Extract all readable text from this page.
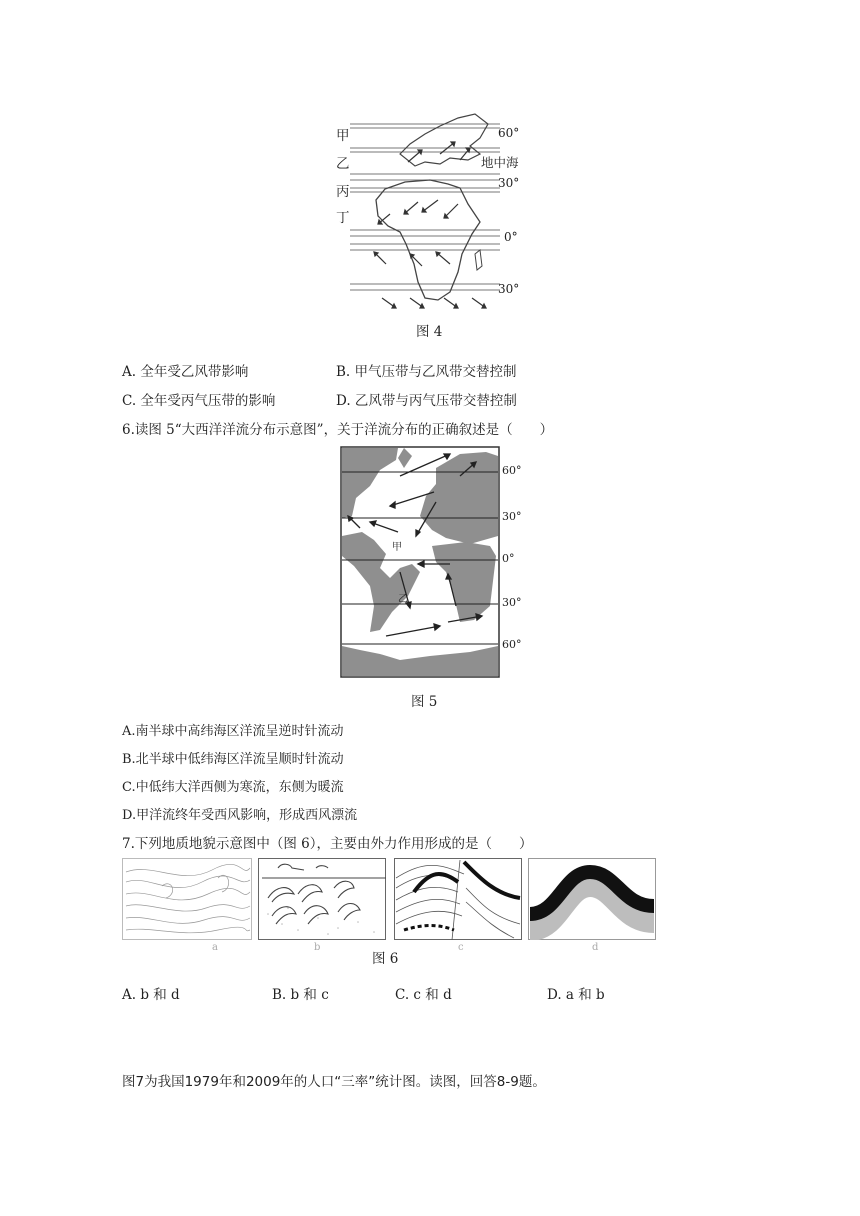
甲
乙
丙
丁
60°
30°
0°
30°
地中海
图 4
A. 全年受乙风带影响	B. 甲气压带与乙风带交替控制
C. 全年受丙气压带的影响	D. 乙风带与丙气压带交替控制
6.读图 5“大西洋洋流分布示意图”，关于洋流分布的正确叙述是（　　）
甲
乙
60°
30°
0°
30°
60°
图 5
A.南半球中高纬海区洋流呈逆时针流动
B.北半球中低纬海区洋流呈顺时针流动
C.中低纬大洋西侧为寒流，东侧为暖流
D.甲洋流终年受西风影响，形成西风漂流
7.下列地质地貌示意图中（图 6），主要由外力作用形成的是（　　）
a	b	c	d
图 6
A. b 和 d	B. b 和 c	C. c 和 d	D. a 和 b
图7为我国1979年和2009年的人口“三率”统计图。读图，回答8-9题。
